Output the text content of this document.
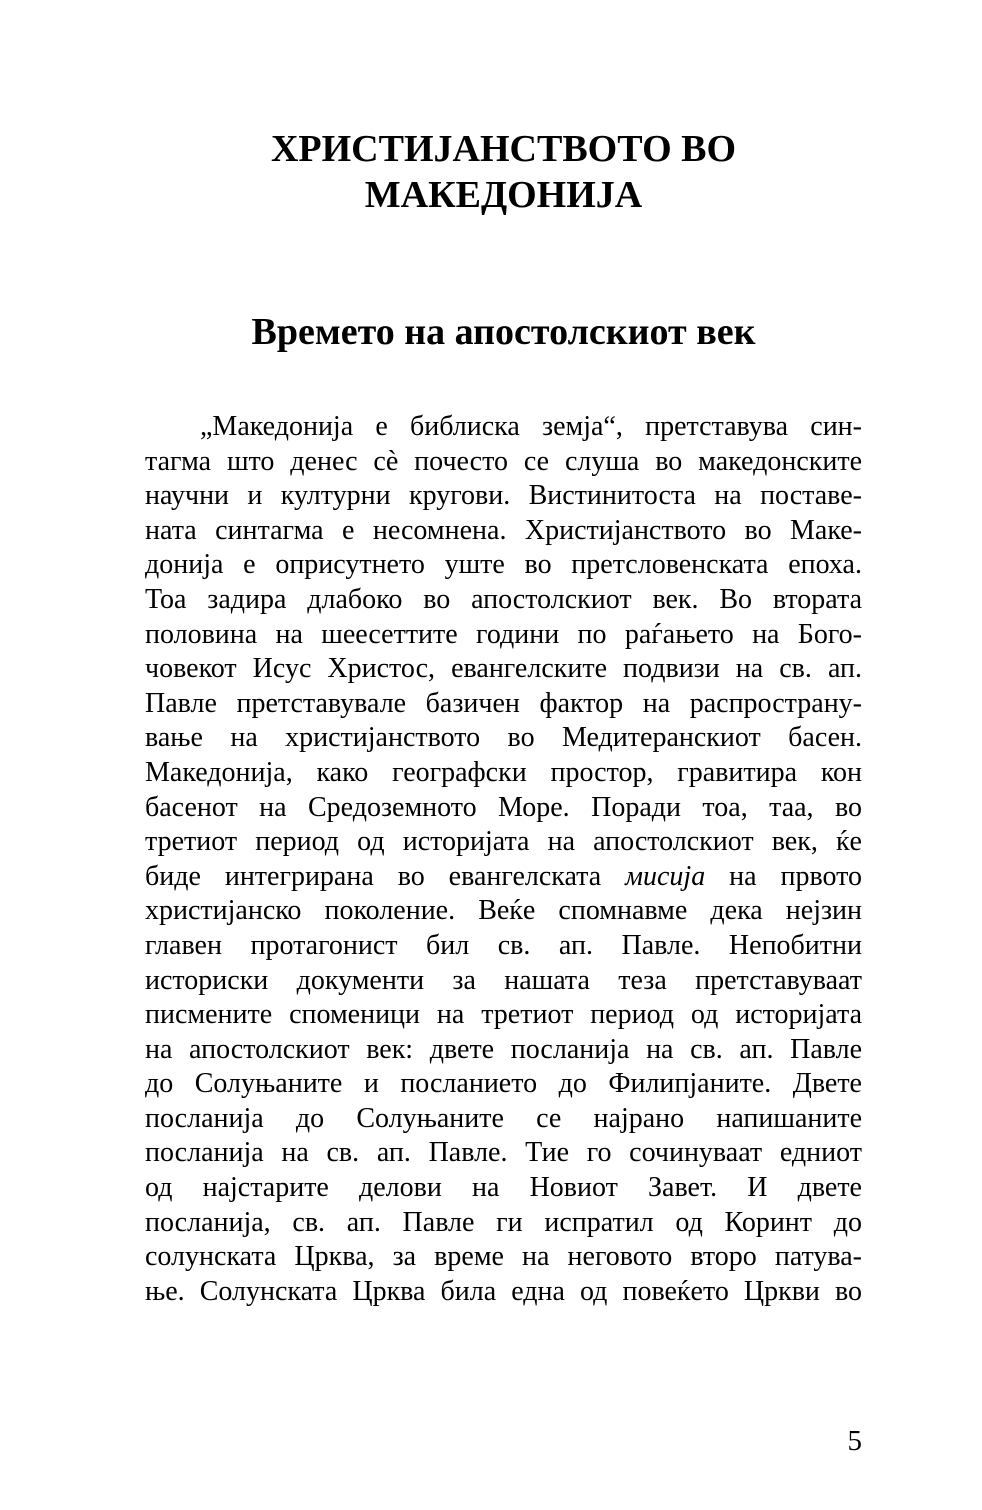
ХРИСТИЈАНСТВОТО ВО
МАКЕДОНИЈА
Времето на апостолскиот век
„Македонија е библиска земја“, претставува син-
тагма што денес сѐ почесто се слуша во македонските
научни и културни кругови. Вистинитоста на поставе-
ната синтагма е несомнена. Христијанството во Маке-
донија е оприсутнето уште во претсловенската епоха.
Тоа задира длабоко во апостолскиот век. Во втората
половина на шеесеттите години по раѓањето на Бого-
човекот Исус Христос, евангелските подвизи на св. ап.
Павле претставувале базичен фактор на распространу-
вање на христијанството во Медитеранскиот басен.
Македонија, како географски простор, гравитира кон
басенот на Средоземното Море. Поради тоа, таа, во
третиот период од историјата на апостолскиот век, ќе
биде интегрирана во евангелската мисија на првото
христијанско поколение. Веќе спомнавме дека нејзин
главен протагонист бил св. ап. Павле. Непобитни
историски документи за нашата теза претставуваат
писмените споменици на третиот период од историјата
на апостолскиот век: двете посланија на св. ап. Павле
до Солуњаните и посланието до Филипјаните. Двете
посланија до Солуњаните се најрано напишаните
посланија на св. ап. Павле. Тие го сочинуваат едниот
од најстарите делови на Новиот Завет. И двете
посланија, св. ап. Павле ги испратил од Коринт до
солунската Црква, за време на неговото второ патува-
ње. Солунската Црква била една од повеќето Цркви во
5
